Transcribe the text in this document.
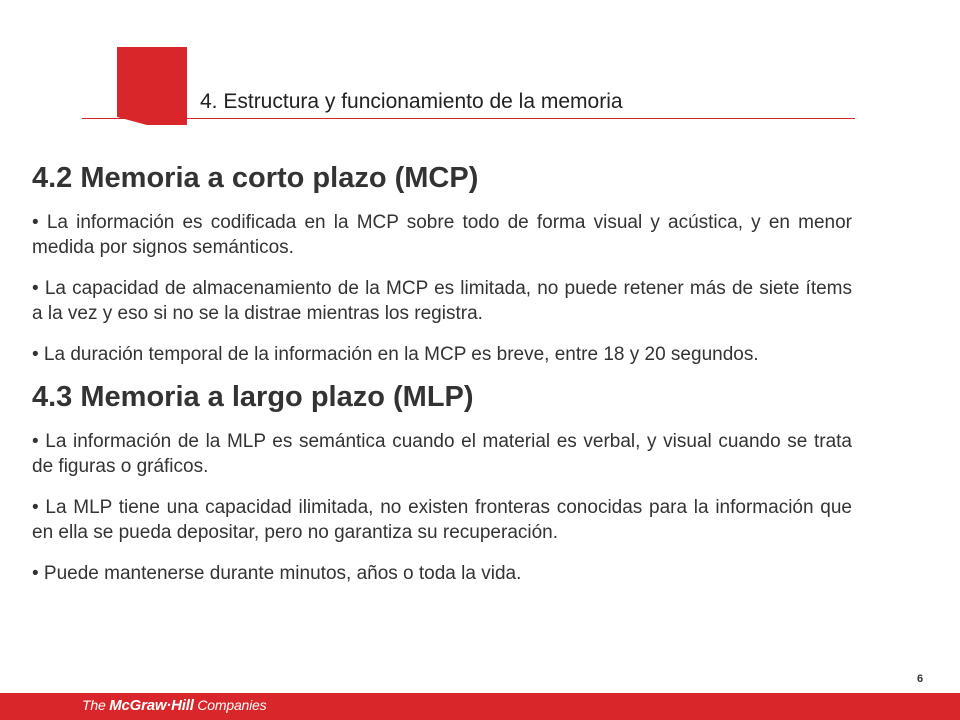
4. Estructura y funcionamiento de la memoria
4.2 Memoria a corto plazo (MCP)

• La información es codificada en la MCP sobre todo de forma visual y acústica, y en menor medida por signos semánticos.

• La capacidad de almacenamiento de la MCP es limitada, no puede retener más de siete ítems a la vez y eso si no se la distrae mientras los registra.

• La duración temporal de la información en la MCP es breve, entre 18 y 20 segundos.

4.3 Memoria a largo plazo (MLP)

• La información de la MLP es semántica cuando el material es verbal, y visual cuando se trata de figuras o gráficos.

• La MLP tiene una capacidad ilimitada, no existen fronteras conocidas para la información que en ella se pueda depositar, pero no garantiza su recuperación.

• Puede mantenerse durante minutos, años o toda la vida.

6
The McGraw·Hill Companies
